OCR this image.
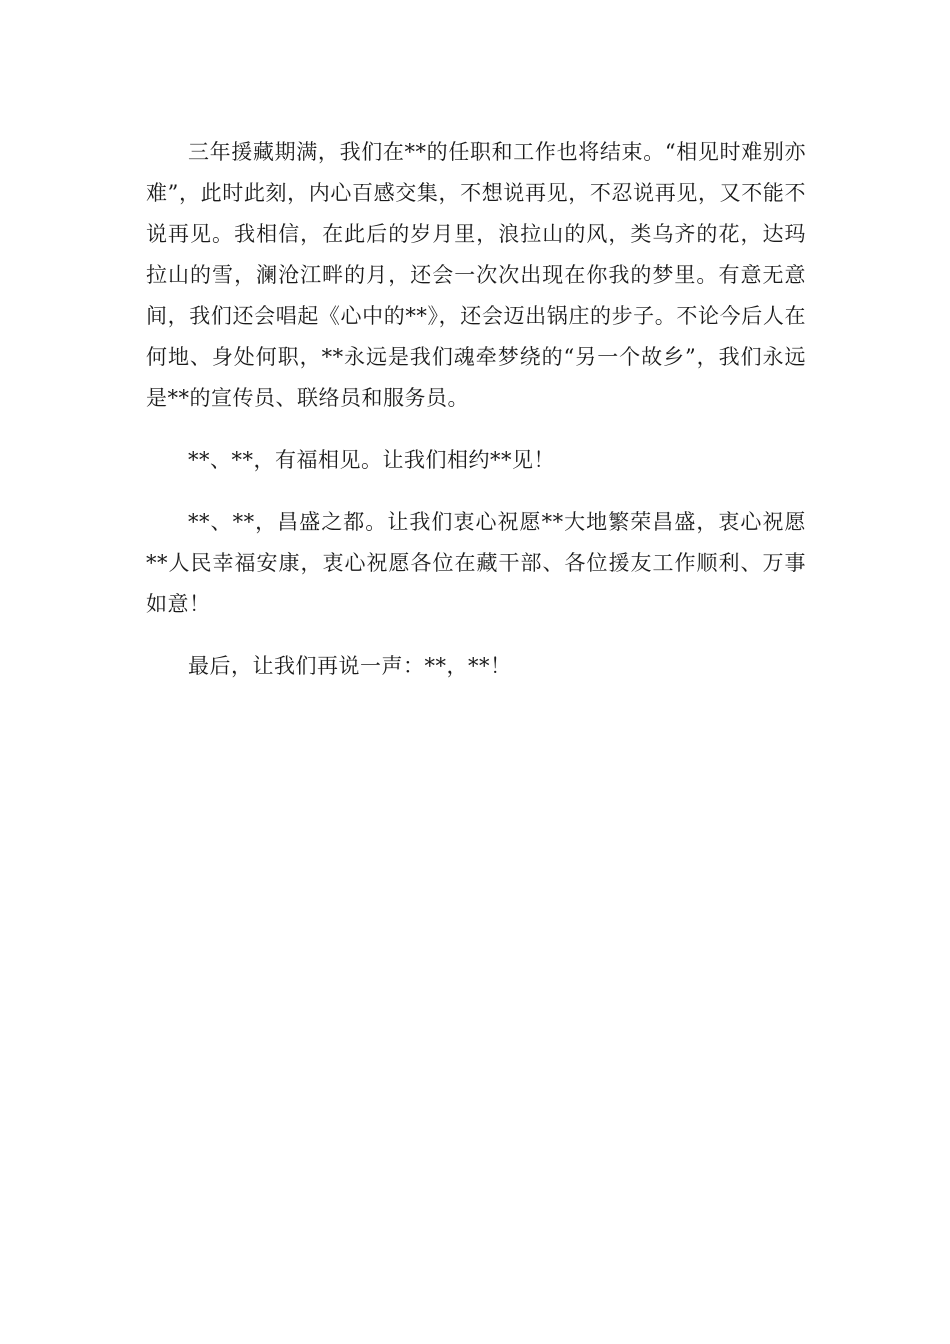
三年援藏期满，我们在**的任职和工作也将结束。“相见时难别亦难”，此时此刻，内心百感交集，不想说再见，不忍说再见，又不能不说再见。我相信，在此后的岁月里，浪拉山的风，类乌齐的花，达玛拉山的雪，澜沧江畔的月，还会一次次出现在你我的梦里。有意无意间，我们还会唱起《心中的**》，还会迈出锅庄的步子。不论今后人在何地、身处何职，**永远是我们魂牵梦绕的“另一个故乡”，我们永远是**的宣传员、联络员和服务员。

**、**，有福相见。让我们相约**见！

**、**，昌盛之都。让我们衷心祝愿**大地繁荣昌盛，衷心祝愿**人民幸福安康，衷心祝愿各位在藏干部、各位援友工作顺利、万事如意！

最后，让我们再说一声：**，**！
